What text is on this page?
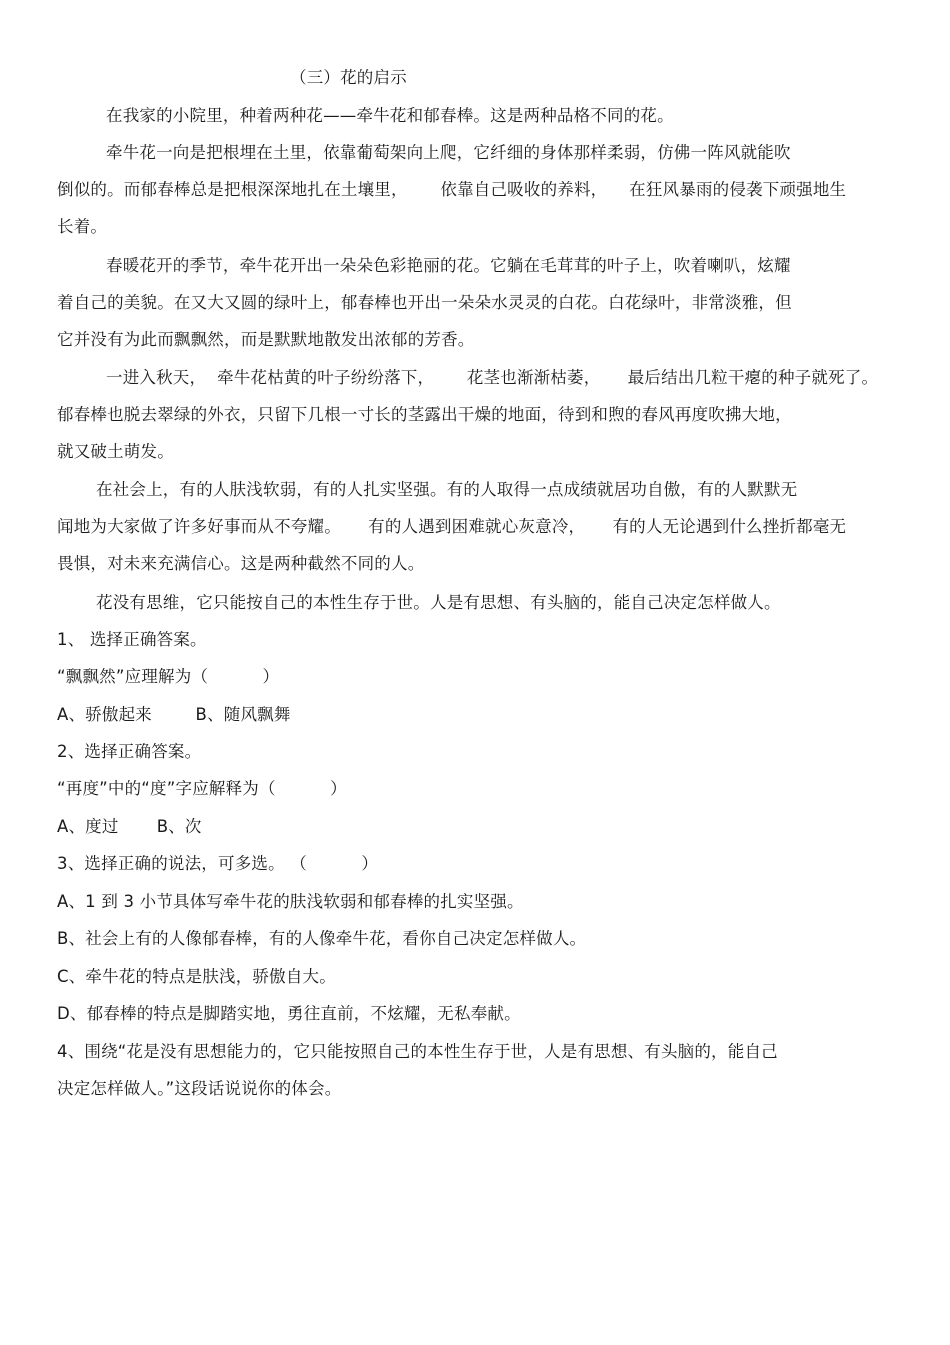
（三）花的启示
在我家的小院里，种着两种花——牵牛花和郁春棒。这是两种品格不同的花。
牵牛花一向是把根埋在土里，依靠葡萄架向上爬，它纤细的身体那样柔弱，仿佛一阵风就能吹
倒似的。而郁春棒总是把根深深地扎在土壤里，      依靠自己吸收的养料，    在狂风暴雨的侵袭下顽强地生
长着。
春暖花开的季节，牵牛花开出一朵朵色彩艳丽的花。它躺在毛茸茸的叶子上，吹着喇叭，炫耀
着自己的美貌。在又大又圆的绿叶上，郁春棒也开出一朵朵水灵灵的白花。白花绿叶，非常淡雅，但
它并没有为此而飘飘然，而是默默地散发出浓郁的芳香。
一进入秋天，  牵牛花枯黄的叶子纷纷落下，      花茎也渐渐枯萎，     最后结出几粒干瘪的种子就死了。
郁春棒也脱去翠绿的外衣，只留下几根一寸长的茎露出干燥的地面，待到和煦的春风再度吹拂大地，
就又破土萌发。
在社会上，有的人肤浅软弱，有的人扎实坚强。有的人取得一点成绩就居功自傲，有的人默默无
闻地为大家做了许多好事而从不夸耀。     有的人遇到困难就心灰意冷，     有的人无论遇到什么挫折都毫无
畏惧，对未来充满信心。这是两种截然不同的人。
花没有思维，它只能按自己的本性生存于世。人是有思想、有头脑的，能自己决定怎样做人。
1、 选择正确答案。
“飘飘然”应理解为（          ）
A、骄傲起来        B、随风飘舞
2、选择正确答案。
“再度”中的“度”字应解释为（          ）
A、度过       B、次
3、选择正确的说法，可多选。 （          ）
A、1 到 3 小节具体写牵牛花的肤浅软弱和郁春棒的扎实坚强。
B、社会上有的人像郁春棒，有的人像牵牛花，看你自己决定怎样做人。
C、牵牛花的特点是肤浅，骄傲自大。
D、郁春棒的特点是脚踏实地，勇往直前，不炫耀，无私奉献。
4、围绕“花是没有思想能力的，它只能按照自己的本性生存于世，人是有思想、有头脑的，能自己
决定怎样做人。”这段话说说你的体会。
